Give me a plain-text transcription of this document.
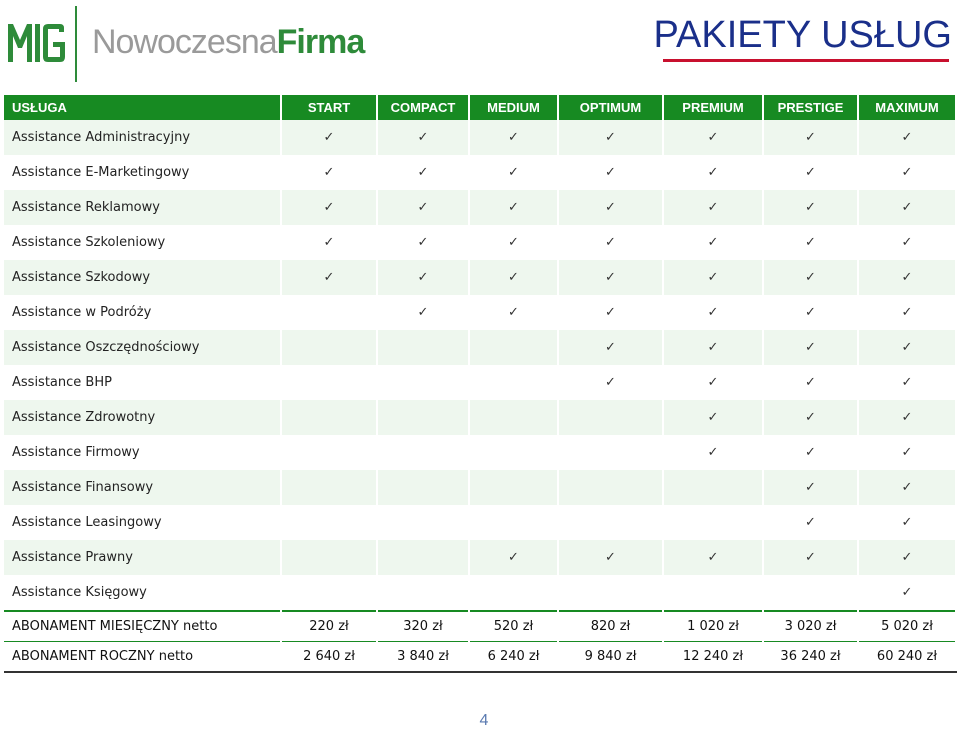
NowoczesnaFirma	PAKIETY USŁUG
USŁUGA	START	COMPACT	MEDIUM	OPTIMUM	PREMIUM	PRESTIGE	MAXIMUM
Assistance Administracyjny	✓	✓	✓	✓	✓	✓	✓
Assistance E-Marketingowy	✓	✓	✓	✓	✓	✓	✓
Assistance Reklamowy	✓	✓	✓	✓	✓	✓	✓
Assistance Szkoleniowy	✓	✓	✓	✓	✓	✓	✓
Assistance Szkodowy	✓	✓	✓	✓	✓	✓	✓
Assistance w Podróży		✓	✓	✓	✓	✓	✓
Assistance Oszczędnościowy				✓	✓	✓	✓
Assistance BHP				✓	✓	✓	✓
Assistance Zdrowotny					✓	✓	✓
Assistance Firmowy					✓	✓	✓
Assistance Finansowy						✓	✓
Assistance Leasingowy						✓	✓
Assistance Prawny			✓	✓	✓	✓	✓
Assistance Księgowy							✓
ABONAMENT MIESIĘCZNY netto	220 zł	320 zł	520 zł	820 zł	1 020 zł	3 020 zł	5 020 zł
ABONAMENT ROCZNY netto	2 640 zł	3 840 zł	6 240 zł	9 840 zł	12 240 zł	36 240 zł	60 240 zł
4
